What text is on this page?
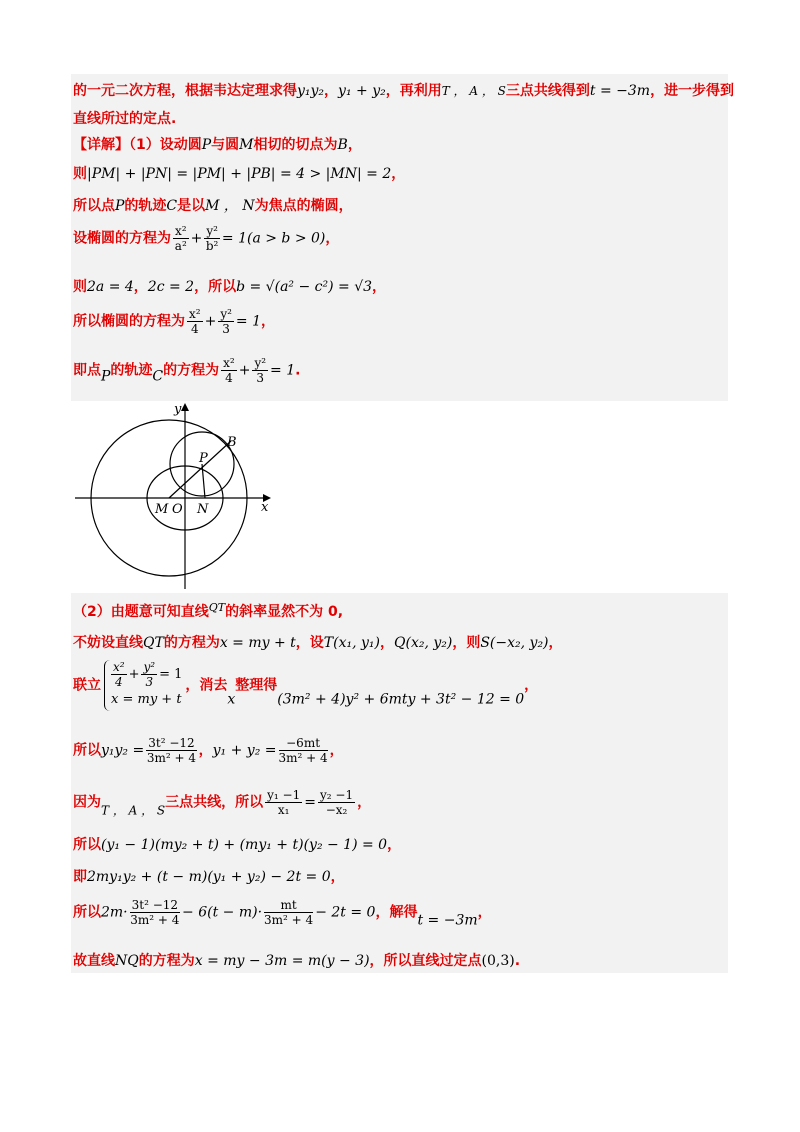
的一元二次方程，根据韦达定理求得y₁y₂，y₁ + y₂，再利用T ， A ， S三点共线得到t = −3m，进一步得到
直线所过的定点.
【详解】（1）设动圆P与圆M相切的切点为B，
则|PM| + |PN| = |PM| + |PB| = 4 > |MN| = 2，
所以点P的轨迹C是以M ， N为焦点的椭圆，
设椭圆的方程为 $\frac{\text{x²}}{\text{a²}} + \frac{\text{y²}}{\text{b²}} = 1(a > b > 0)$，
则2a = 4，2c = 2，所以b = √(a² − c²) = √3，
所以椭圆的方程为 $\frac{\text{x²}}{4} + \frac{\text{y²}}{3} = 1$，
即点P的轨迹C的方程为 $\frac{\text{x²}}{4} + \frac{\text{y²}}{3} = 1$.
y
x
B
P
M O N
（2）由题意可知直线$^{QT}$的斜率显然不为 0,
不妨设直线QT的方程为x = my + t，设T(x₁, y₁)，Q(x₂, y₂)，则S(−x₂, y₂)，
联立 $\frac{\text{x²}}{4} + \frac{\text{y²}}{3} = 1$
x = my + t
，消去x整理得(3m² + 4)y² + 6mty + 3t² − 12 = 0，
所以$y_1y_2 = \frac{\text{3t² −12}}{\text{3m² + 4}}$ ，$y_1 + y_2 = \frac{-6mt}{\text{3m² + 4}}$ ，
因为T ， A ， S三点共线，所以 $\frac{\text{y₁ −1}}{\text{x₁}} = \frac{\text{y₂ −1}}{\text{−x₂}}$ ，
所以(y₁ − 1)(my₂ + t) + (my₁ + t)(y₂ − 1) = 0，
即2my₁y₂ + (t − m)(y₁ + y₂) − 2t = 0，
所以$2m\cdot \frac{\text{3t² −12}}{\text{3m² + 4}} - 6(t - m)\cdot \frac{mt}{\text{3m² + 4}} - 2t = 0$，解得t = −3m，
故直线NQ的方程为x = my − 3m = m(y − 3)，所以直线过定点(0,3).
